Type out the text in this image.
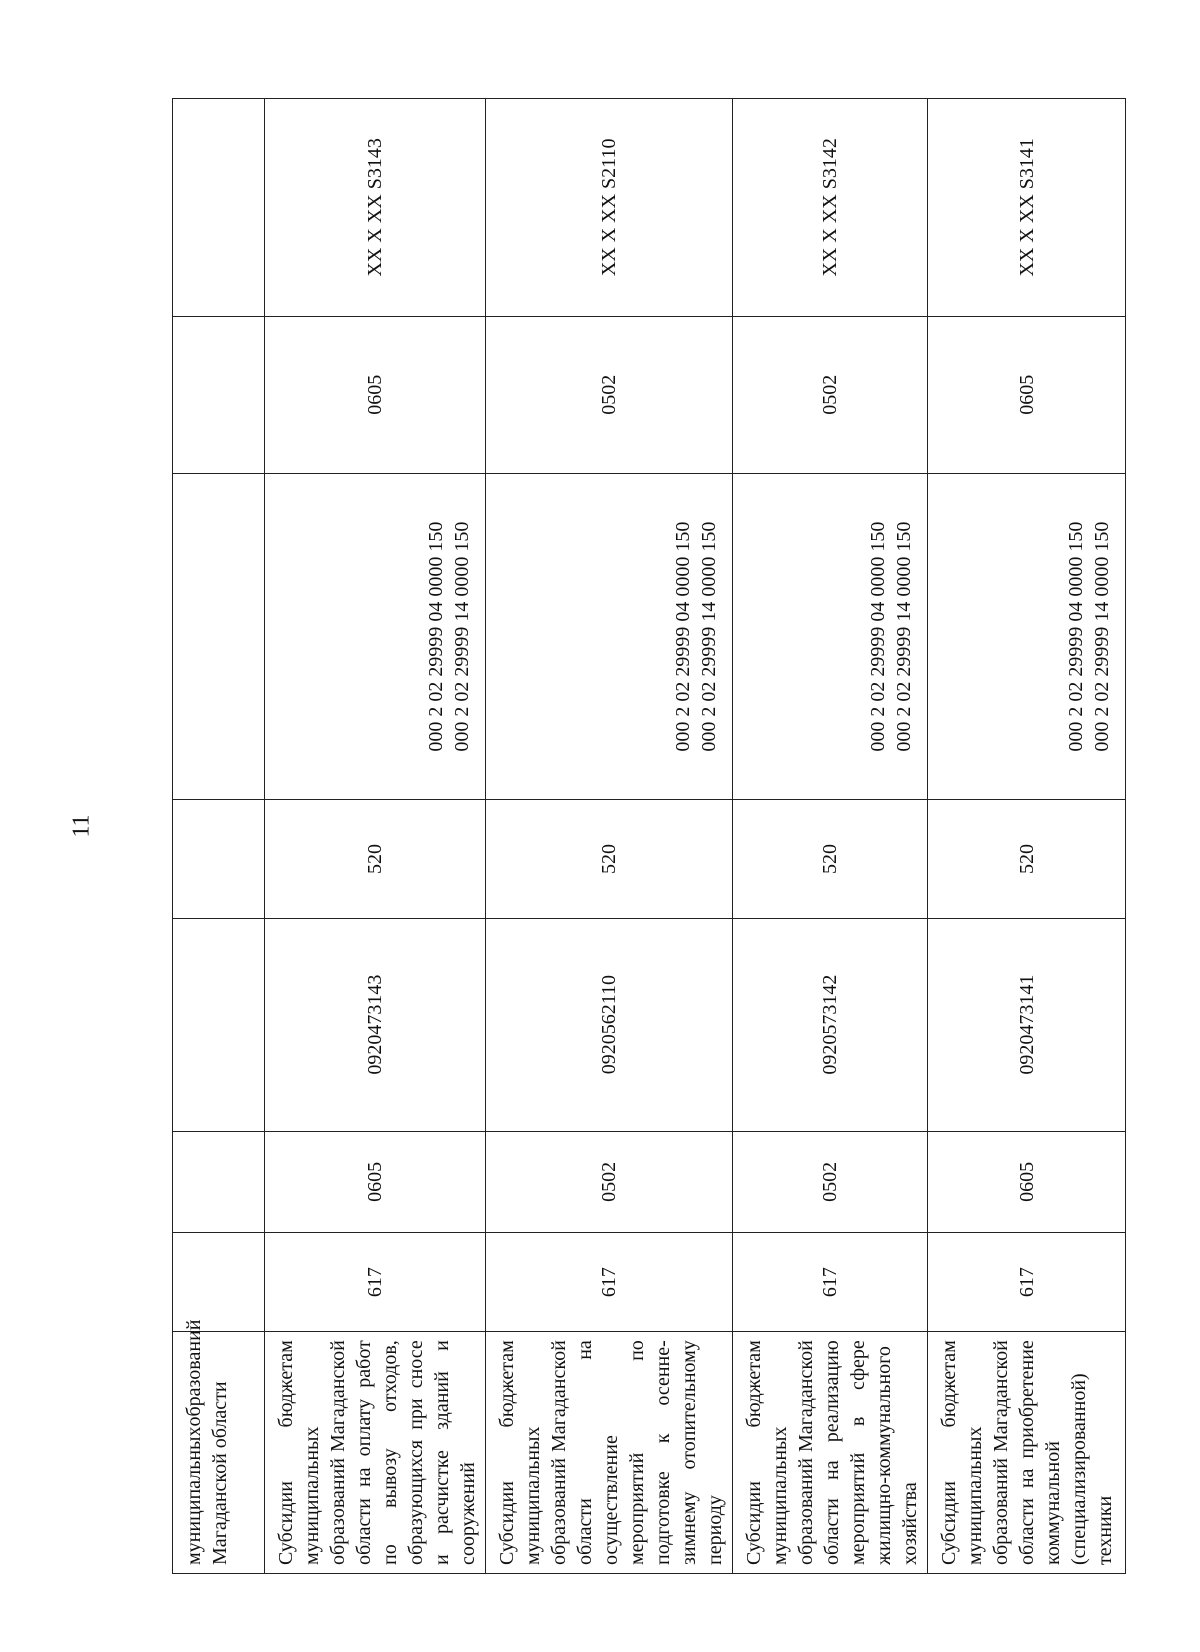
11
муниципальных
образований
Магаданской области							

Субсидии бюджетам муниципальных образований Магаданской области на оплату работ по вывозу отходов, образующихся при сносе и расчистке зданий и сооружений	617	0605	0920473143	520	000 2 02 29999 04 0000 150 000 2 02 29999 14 0000 150	0605	XX X XX S3143
Субсидии бюджетам муниципальных образований Магаданской области на осуществление мероприятий по подготовке к осенне-зимнему отопительному периоду	617	0502	0920562110	520	000 2 02 29999 04 0000 150 000 2 02 29999 14 0000 150	0502	XX X XX S2110
Субсидии бюджетам муниципальных образований Магаданской области на реализацию мероприятий в сфере жилищно-коммунального хозяйства	617	0502	0920573142	520	000 2 02 29999 04 0000 150 000 2 02 29999 14 0000 150	0502	XX X XX S3142
Субсидии бюджетам муниципальных образований Магаданской области на приобретение коммунальной (специализированной) техники	617	0605	0920473141	520	000 2 02 29999 04 0000 150 000 2 02 29999 14 0000 150	0605	XX X XX S3141
